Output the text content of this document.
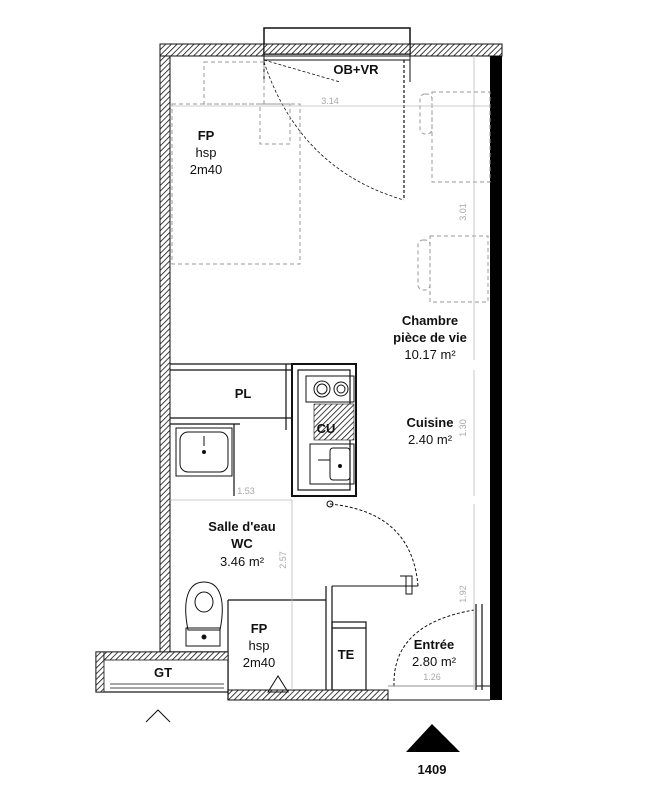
OB+VR
FP
hsp
2m40
Chambre
pièce de vie
10.17 m²
PL
CU	Cuisine
2.40 m²
Salle d'eau
WC
3.46 m²
FP
hsp
2m40
TE
Entrée
2.80 m²
GT
3.14
3.01
1.30
1.53
2.57
1.92
1.26
1409
